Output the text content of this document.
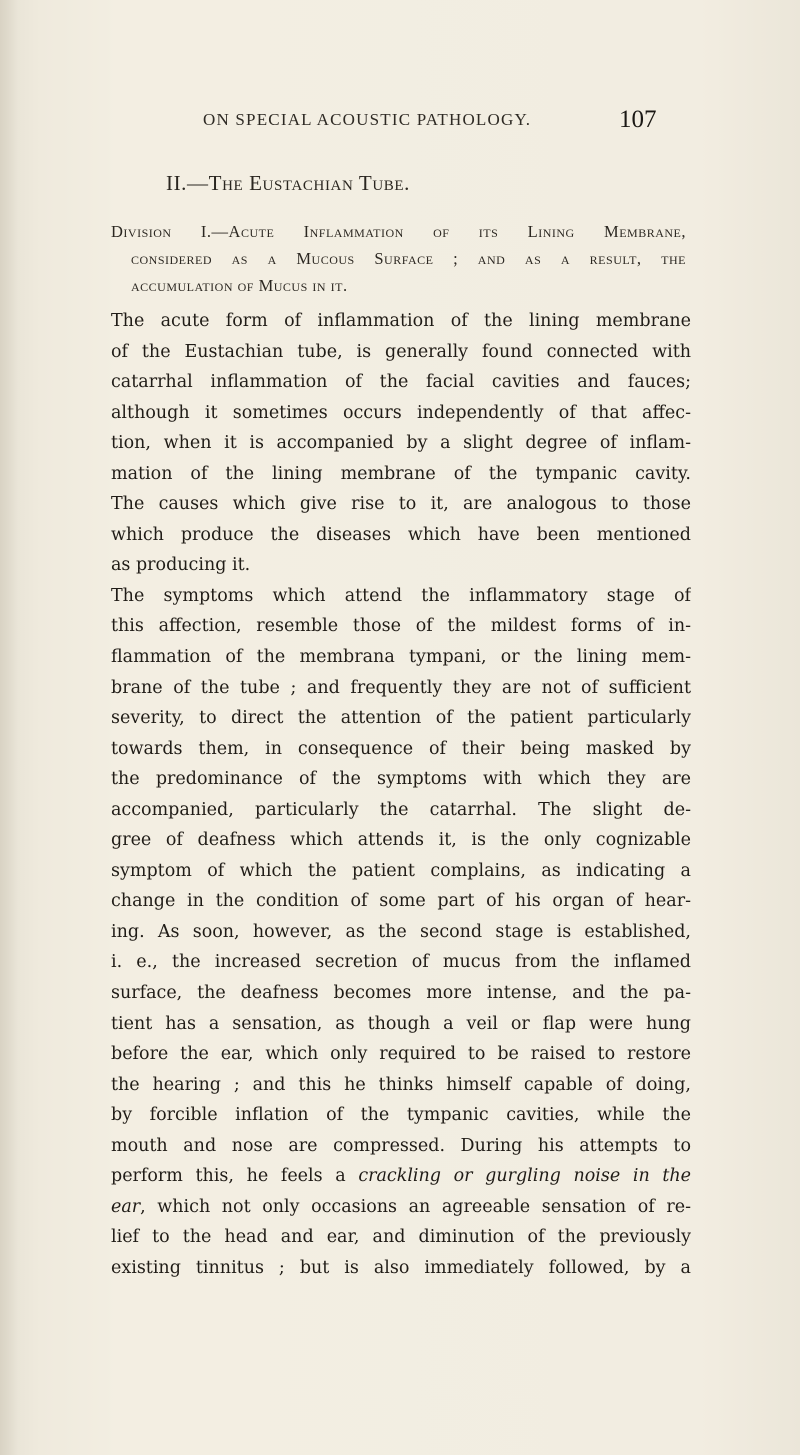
ON SPECIAL ACOUSTIC PATHOLOGY.	107
II.—The Eustachian Tube.
Division I.—Acute Inflammation of its Lining Membrane,
considered as a Mucous Surface ; and as a result, the
accumulation of Mucus in it.
The acute form of inflammation of the lining membrane
of the Eustachian tube, is generally found connected with
catarrhal inflammation of the facial cavities and fauces;
although it sometimes occurs independently of that affec-
tion, when it is accompanied by a slight degree of inflam-
mation of the lining membrane of the tympanic cavity.
The causes which give rise to it, are analogous to those
which produce the diseases which have been mentioned
as producing it.
The symptoms which attend the inflammatory stage of
this affection, resemble those of the mildest forms of in-
flammation of the membrana tympani, or the lining mem-
brane of the tube ; and frequently they are not of sufficient
severity, to direct the attention of the patient particularly
towards them, in consequence of their being masked by
the predominance of the symptoms with which they are
accompanied, particularly the catarrhal. The slight de-
gree of deafness which attends it, is the only cognizable
symptom of which the patient complains, as indicating a
change in the condition of some part of his organ of hear-
ing. As soon, however, as the second stage is established,
i. e., the increased secretion of mucus from the inflamed
surface, the deafness becomes more intense, and the pa-
tient has a sensation, as though a veil or flap were hung
before the ear, which only required to be raised to restore
the hearing ; and this he thinks himself capable of doing,
by forcible inflation of the tympanic cavities, while the
mouth and nose are compressed. During his attempts to
perform this, he feels a crackling or gurgling noise in the
ear, which not only occasions an agreeable sensation of re-
lief to the head and ear, and diminution of the previously
existing tinnitus ; but is also immediately followed, by a
